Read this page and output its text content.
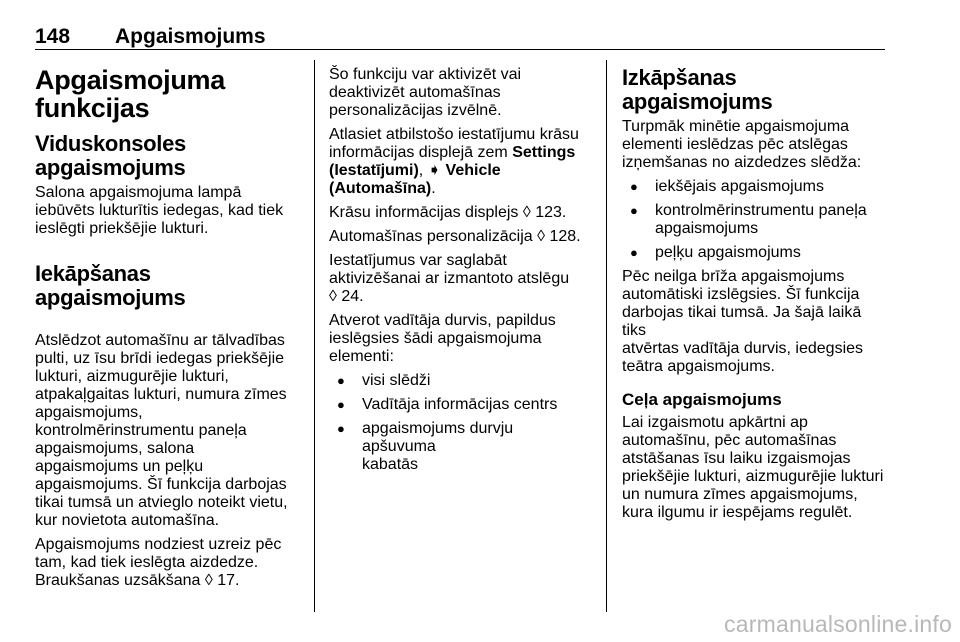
148 Apgaismojums
Apgaismojuma
funkcijas
Viduskonsoles
apgaismojums

Salona apgaismojuma lampā
iebūvēts lukturītis iedegas, kad tiek
ieslēgti priekšējie lukturi.

Iekāpšanas apgaismojums

Atslēdzot automašīnu ar tālvadības
pulti, uz īsu brīdi iedegas priekšējie
lukturi, aizmugurējie lukturi,
atpakaļgaitas lukturi, numura zīmes
apgaismojums,
kontrolmērinstrumentu paneļa
apgaismojums, salona
apgaismojums un peļķu
apgaismojums. Šī funkcija darbojas
tikai tumsā un atvieglo noteikt vietu,
kur novietota automašīna.

Apgaismojums nodziest uzreiz pēc
tam, kad tiek ieslēgta aizdedze.
Braukšanas uzsākšana ◊ 17.

Šo funkciju var aktivizēt vai
deaktivizēt automašīnas
personalizācijas izvēlnē.

Atlasiet atbilstošo iestatījumu krāsu
informācijas displejā zem Settings
(Iestatījumi), ➧ Vehicle (Automašīna).

Krāsu informācijas displejs ◊ 123.

Automašīnas personalizācija ◊ 128.

Iestatījumus var saglabāt
aktivizēšanai ar izmantoto atslēgu
◊ 24.

Atverot vadītāja durvis, papildus
ieslēgsies šādi apgaismojuma
elementi:

● visi slēdži
● Vadītāja informācijas centrs
● apgaismojums durvju apšuvuma
kabatās
Izkāpšanas apgaismojums

Turpmāk minētie apgaismojuma
elementi ieslēdzas pēc atslēgas
izņemšanas no aizdedzes slēdža:

● iekšējais apgaismojums
● kontrolmērinstrumentu paneļa
apgaismojums
● peļķu apgaismojums

Pēc neilga brīža apgaismojums
automātiski izslēgsies. Šī funkcija
darbojas tikai tumsā. Ja šajā laikā tiks
atvērtas vadītāja durvis, iedegsies
teātra apgaismojums.

Ceļa apgaismojums

Lai izgaismotu apkārtni ap
automašīnu, pēc automašīnas
atstāšanas īsu laiku izgaismojas
priekšējie lukturi, aizmugurējie lukturi
un numura zīmes apgaismojums,
kura ilgumu ir iespējams regulēt.

carmanualsonline.info
